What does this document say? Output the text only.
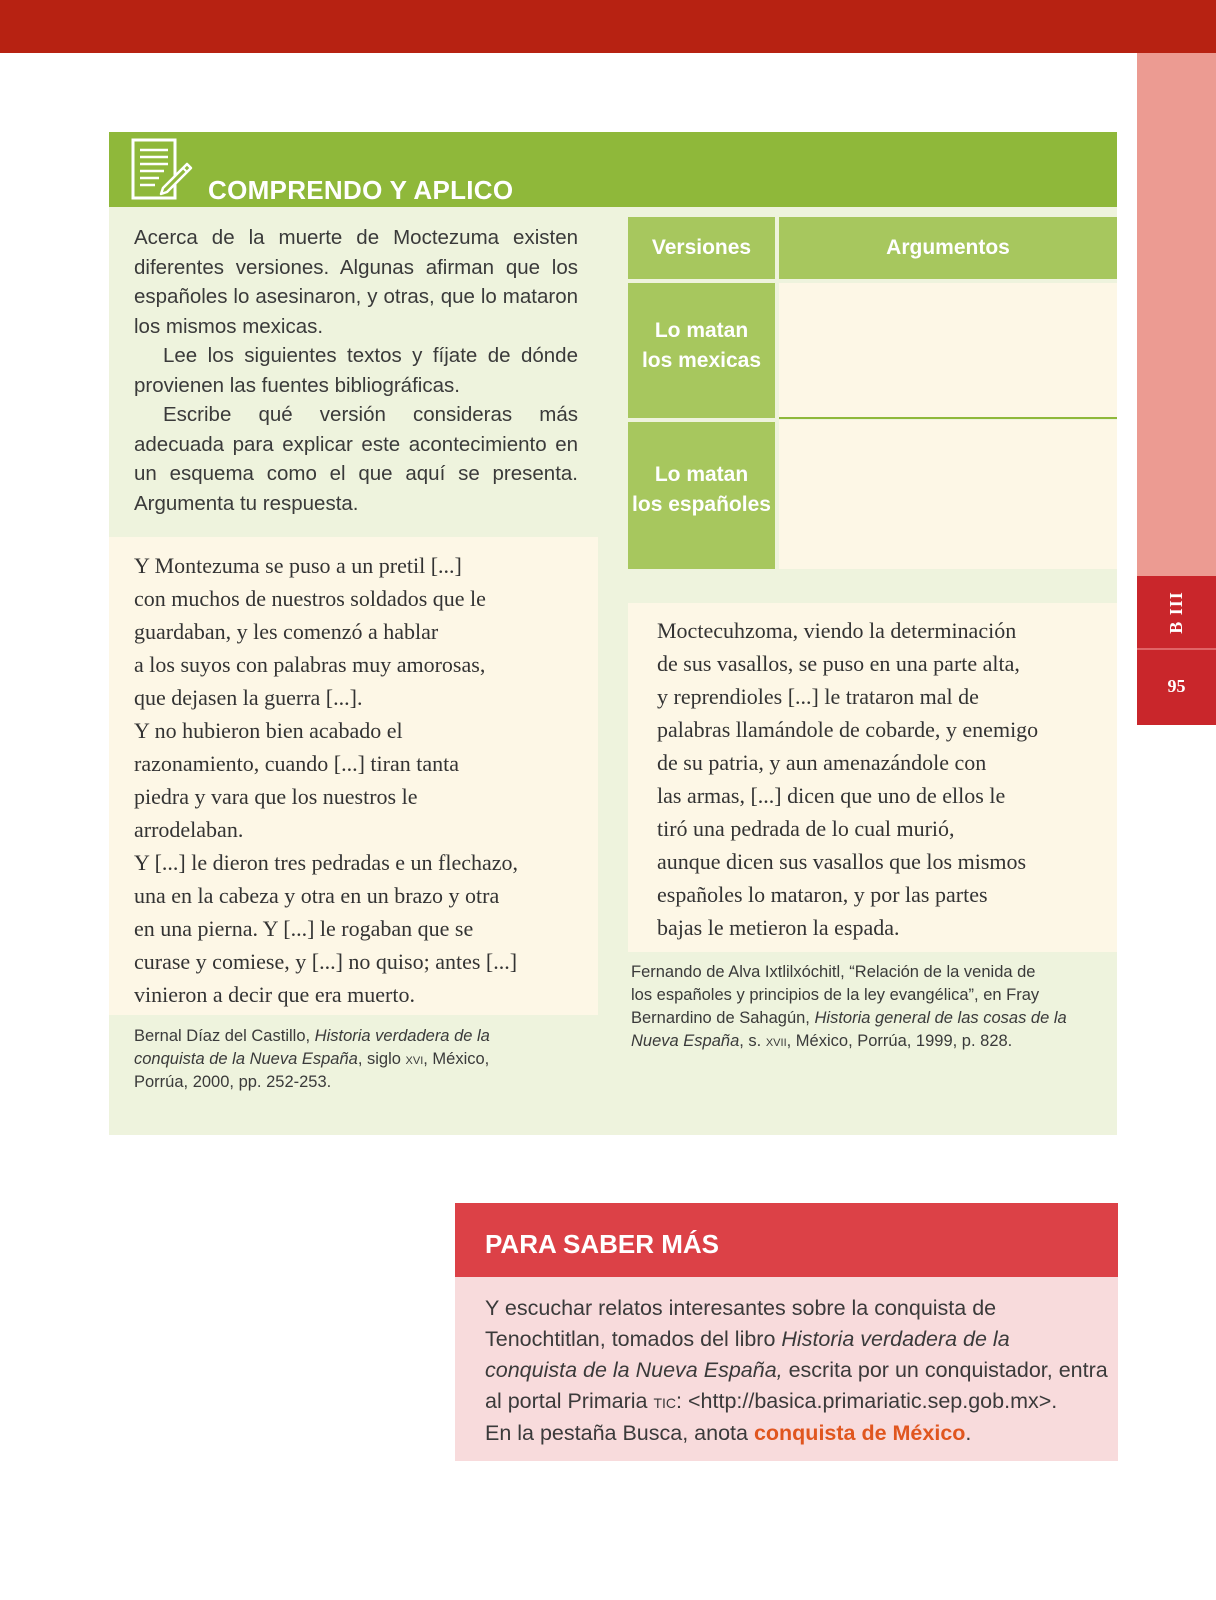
B III
95
COMPRENDO Y APLICO

Acerca de la muerte de Moctezuma existen diferentes versiones. Algunas afirman que los españoles lo asesinaron, y otras, que lo mataron los mismos mexicas.

Lee los siguientes textos y fíjate de dónde provienen las fuentes bibliográficas.

Escribe qué versión consideras más adecuada para explicar este acontecimiento en un esquema como el que aquí se presenta. Argumenta tu respuesta.

Y Montezuma se puso a un pretil [...]
con muchos de nuestros soldados que le
guardaban, y les comenzó a hablar
a los suyos con palabras muy amorosas,
que dejasen la guerra [...].
Y no hubieron bien acabado el
razonamiento, cuando [...] tiran tanta
piedra y vara que los nuestros le
arrodelaban.
Y [...] le dieron tres pedradas e un flechazo,
una en la cabeza y otra en un brazo y otra
en una pierna. Y [...] le rogaban que se
curase y comiese, y [...] no quiso; antes [...]
vinieron a decir que era muerto.
Bernal Díaz del Castillo, Historia verdadera de la
conquista de la Nueva España, siglo xvi, México,
Porrúa, 2000, pp. 252-253.
Versiones	Argumentos
Lo matan
los mexicas
Lo matan
los españoles
Moctecuhzoma, viendo la determinación
de sus vasallos, se puso en una parte alta,
y reprendioles [...] le trataron mal de
palabras llamándole de cobarde, y enemigo
de su patria, y aun amenazándole con
las armas, [...] dicen que uno de ellos le
tiró una pedrada de lo cual murió,
aunque dicen sus vasallos que los mismos
españoles lo mataron, y por las partes
bajas le metieron la espada.
Fernando de Alva Ixtlilxóchitl, “Relación de la venida de
los españoles y principios de la ley evangélica”, en Fray
Bernardino de Sahagún, Historia general de las cosas de la
Nueva España, s. xvii, México, Porrúa, 1999, p. 828.
PARA SABER MÁS
Y escuchar relatos interesantes sobre la conquista de
Tenochtitlan, tomados del libro Historia verdadera de la
conquista de la Nueva España, escrita por un conquistador, entra
al portal Primaria tic: <http://basica.primariatic.sep.gob.mx>.
En la pestaña Busca, anota conquista de México.
